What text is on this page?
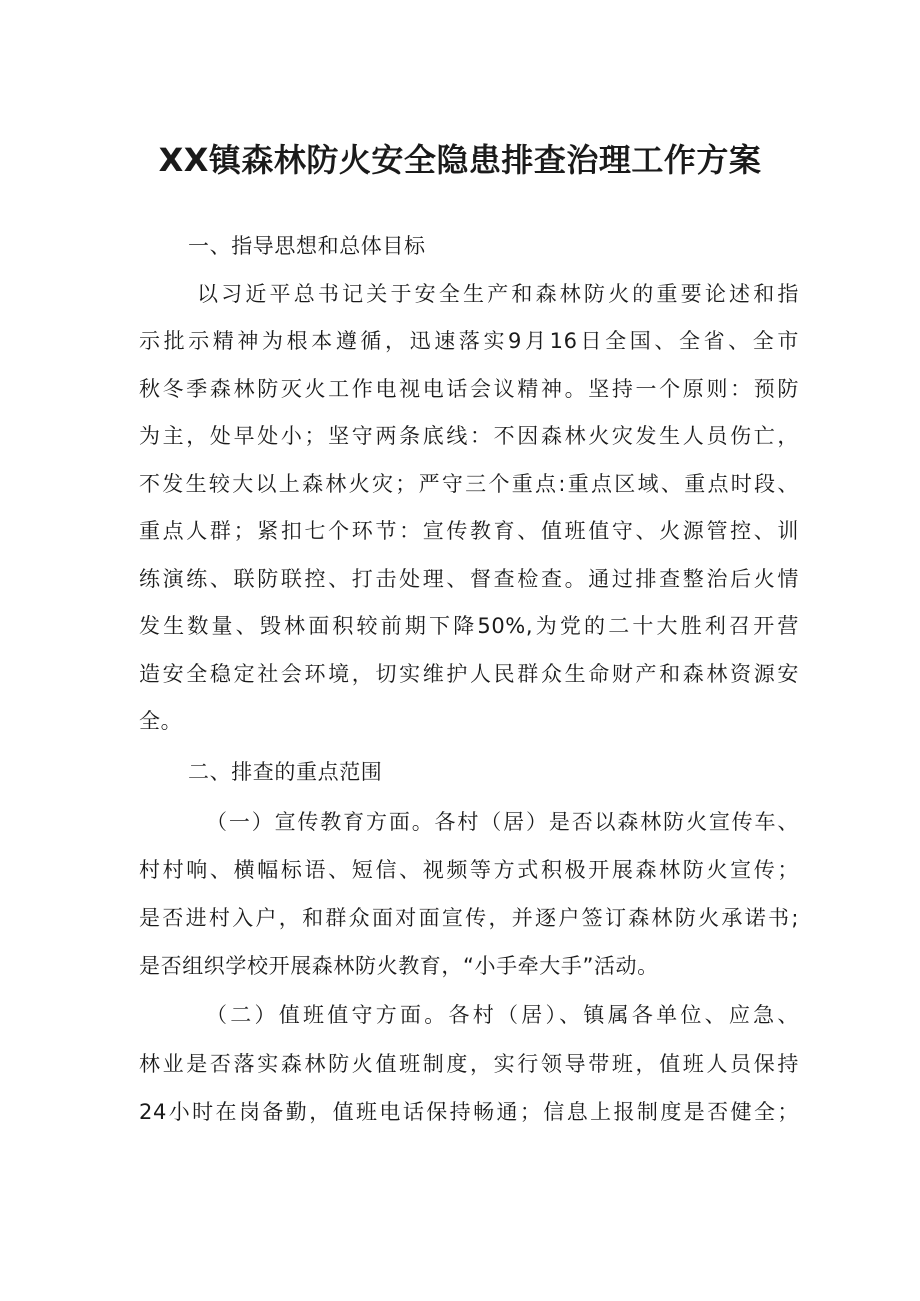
XX镇森林防火安全隐患排查治理工作方案
一、指导思想和总体目标
以习近平总书记关于安全生产和森林防火的重要论述和指
示批示精神为根本遵循，迅速落实9月16日全国、全省、全市
秋冬季森林防灭火工作电视电话会议精神。坚持一个原则：预防
为主，处早处小；坚守两条底线：不因森林火灾发生人员伤亡，
不发生较大以上森林火灾；严守三个重点:重点区域、重点时段、
重点人群；紧扣七个环节：宣传教育、值班值守、火源管控、训
练演练、联防联控、打击处理、督查检查。通过排查整治后火情
发生数量、毁林面积较前期下降50%,为党的二十大胜利召开营
造安全稳定社会环境，切实维护人民群众生命财产和森林资源安
全。
二、排查的重点范围
（一）宣传教育方面。各村（居）是否以森林防火宣传车、
村村响、横幅标语、短信、视频等方式积极开展森林防火宣传；
是否进村入户，和群众面对面宣传，并逐户签订森林防火承诺书;
是否组织学校开展森林防火教育，“小手牵大手”活动。
（二）值班值守方面。各村（居）、镇属各单位、应急、
林业是否落实森林防火值班制度，实行领导带班，值班人员保持
24小时在岗备勤，值班电话保持畅通；信息上报制度是否健全；
